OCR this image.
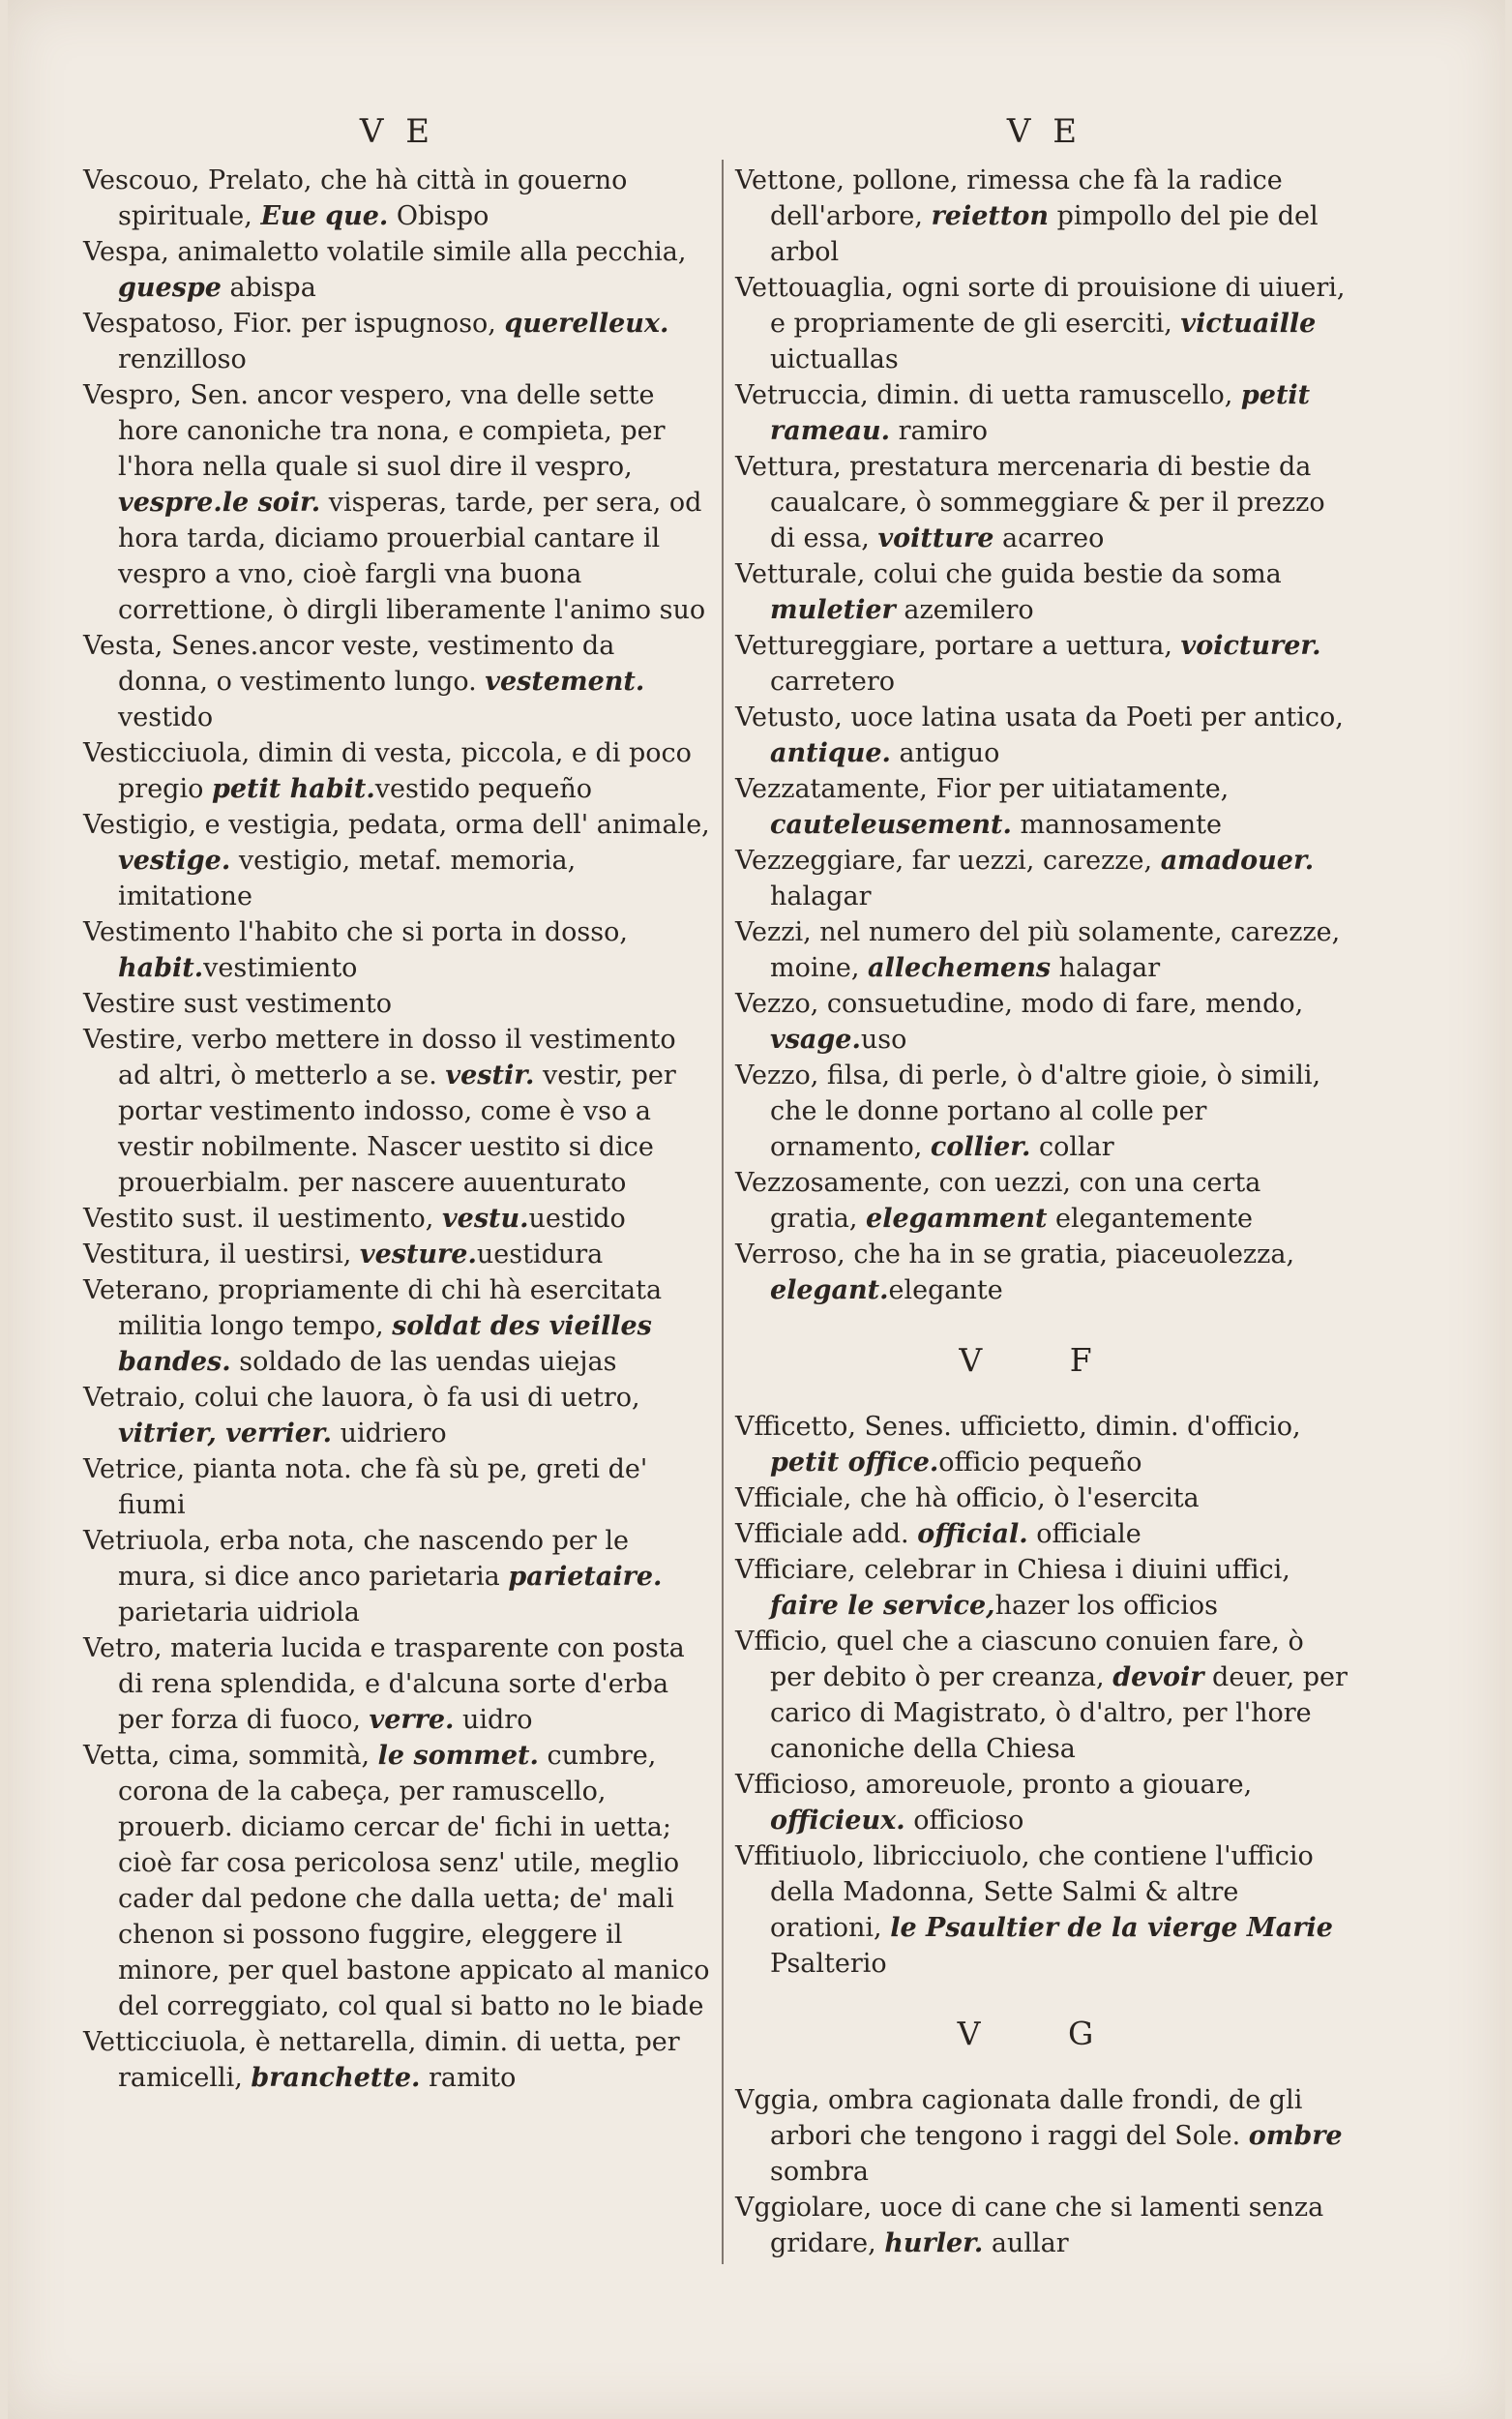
V E
Vescouo, Prelato, che hà città in gouerno spirituale, Eue que. Obispo
Vespa, animaletto volatile simile alla pecchia, guespe abispa
Vespatoso, Fior. per ispugnoso, querelleux. renzilloso
Vespro, Sen. ancor vespero, vna delle sette hore canoniche tra nona, e compieta, per l'hora nella quale si suol dire il vespro, vespre.le soir. visperas, tarde, per sera, od hora tarda, diciamo prouerbial cantare il vespro a vno, cioè fargli vna buona correttione, ò dirgli liberamente l'animo suo
Vesta, Senes.ancor veste, vestimento da donna, o vestimento lungo. vestement. vestido
Vesticciuola, dimin di vesta, piccola, e di poco pregio petit habit.vestido pequeño
Vestigio, e vestigia, pedata, orma dell' animale, vestige. vestigio, metaf. memoria, imitatione
Vestimento l'habito che si porta in dosso, habit.vestimiento
Vestire sust vestimento
Vestire, verbo mettere in dosso il vestimento ad altri, ò metterlo a se. vestir. vestir, per portar vestimento indosso, come è vso a vestir nobilmente. Nascer uestito si dice prouerbialm. per nascere auuenturato
Vestito sust. il uestimento, vestu.uestido
Vestitura, il uestirsi, vesture.uestidura
Veterano, propriamente di chi hà esercitata militia longo tempo, soldat des vieilles bandes. soldado de las uendas uiejas
Vetraio, colui che lauora, ò fa usi di uetro, vitrier, verrier. uidriero
Vetrice, pianta nota. che fà sù pe, greti de' fiumi
Vetriuola, erba nota, che nascendo per le mura, si dice anco parietaria parietaire. parietaria uidriola
Vetro, materia lucida e trasparente con posta di rena splendida, e d'alcuna sorte d'erba per forza di fuoco, verre. uidro
Vetta, cima, sommità, le sommet. cumbre, corona de la cabeça, per ramuscello, prouerb. diciamo cercar de' fichi in uetta; cioè far cosa pericolosa senz' utile, meglio cader dal pedone che dalla uetta; de' mali chenon si possono fuggire, eleggere il minore, per quel bastone appicato al manico del correggiato, col qual si batto no le biade
Vetticciuola, è nettarella, dimin. di uetta, per ramicelli, branchette. ramito
V E
Vettone, pollone, rimessa che fà la radice dell'arbore, reietton pimpollo del pie del arbol
Vettouaglia, ogni sorte di prouisione di uiueri, e propriamente de gli eserciti, victuaille uictuallas
Vetruccia, dimin. di uetta ramuscello, petit rameau. ramiro
Vettura, prestatura mercenaria di bestie da caualcare, ò sommeggiare & per il prezzo di essa, voitture acarreo
Vetturale, colui che guida bestie da soma muletier azemilero
Vettureggiare, portare a uettura, voicturer. carretero
Vetusto, uoce latina usata da Poeti per antico, antique. antiguo
Vezzatamente, Fior per uitiatamente, cauteleusement. mannosamente
Vezzeggiare, far uezzi, carezze, amadouer. halagar
Vezzi, nel numero del più solamente, carezze, moine, allechemens halagar
Vezzo, consuetudine, modo di fare, mendo, vsage.uso
Vezzo, filsa, di perle, ò d'altre gioie, ò simili, che le donne portano al colle per ornamento, collier. collar
Vezzosamente, con uezzi, con una certa gratia, elegamment elegantemente
Verroso, che ha in se gratia, piaceuolezza, elegant.elegante
V F
Vfficetto, Senes. ufficietto, dimin. d'officio, petit office.officio pequeño
Vfficiale, che hà officio, ò l'esercita
Vfficiale add. official. officiale
Vfficiare, celebrar in Chiesa i diuini uffici, faire le service,hazer los officios
Vfficio, quel che a ciascuno conuien fare, ò per debito ò per creanza, devoir deuer, per carico di Magistrato, ò d'altro, per l'hore canoniche della Chiesa
Vfficioso, amoreuole, pronto a giouare, officieux. officioso
Vffitiuolo, libricciuolo, che contiene l'ufficio della Madonna, Sette Salmi & altre orationi, le Psaultier de la vierge Marie Psalterio
V G
Vggia, ombra cagionata dalle frondi, de gli arbori che tengono i raggi del Sole. ombre sombra
Vggiolare, uoce di cane che si lamenti senza gridare, hurler. aullar
